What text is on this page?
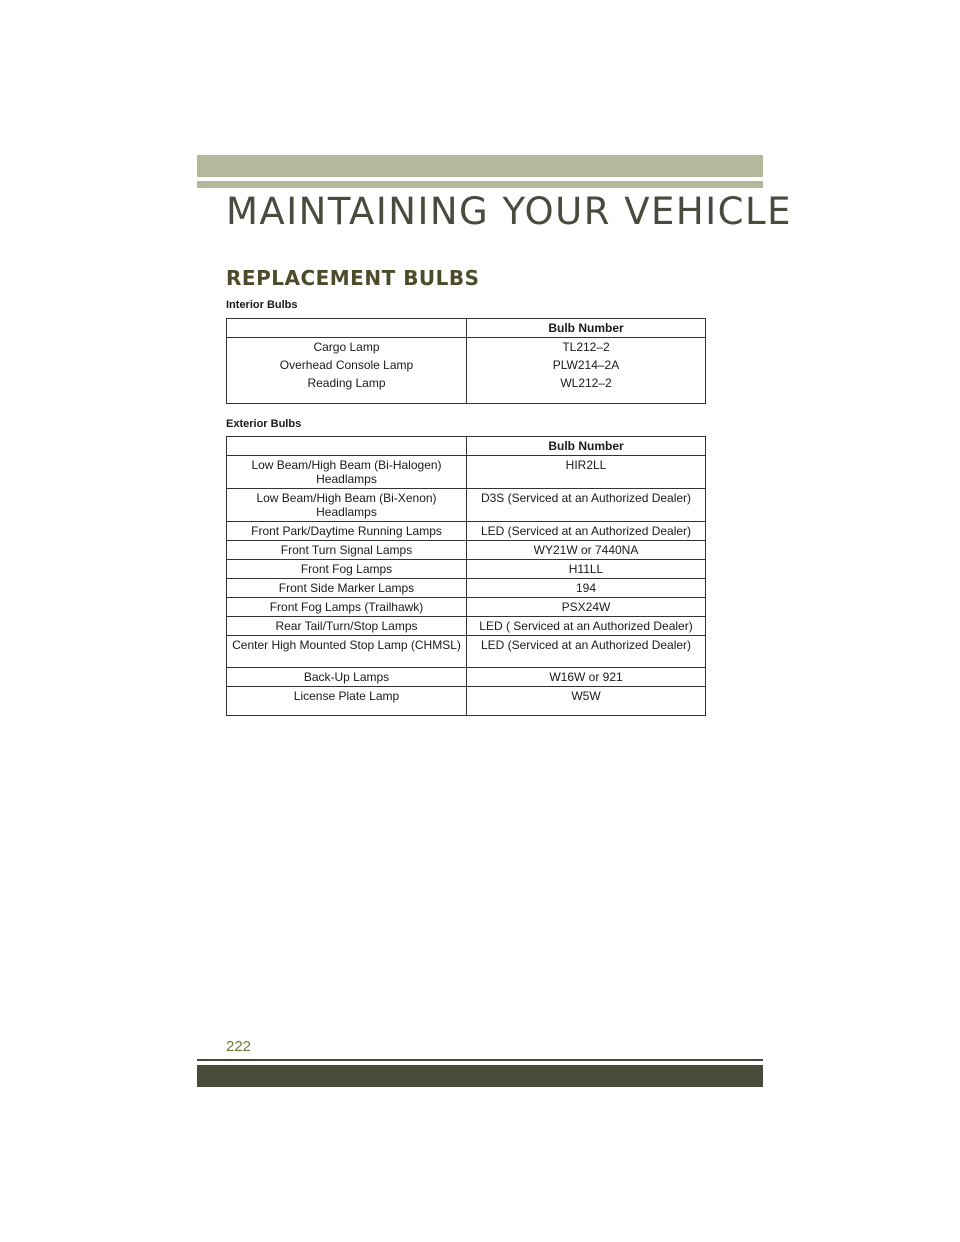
MAINTAINING YOUR VEHICLE
REPLACEMENT BULBS
Interior Bulbs
	Bulb Number
Cargo Lamp	TL212–2
Overhead Console Lamp	PLW214–2A
Reading Lamp	WL212–2
Exterior Bulbs
	Bulb Number
Low Beam/High Beam (Bi-Halogen) Headlamps	HIR2LL
Low Beam/High Beam (Bi-Xenon) Headlamps	D3S (Serviced at an Authorized Dealer)
Front Park/Daytime Running Lamps	LED (Serviced at an Authorized Dealer)
Front Turn Signal Lamps	WY21W or 7440NA
Front Fog Lamps	H11LL
Front Side Marker Lamps	194
Front Fog Lamps (Trailhawk)	PSX24W
Rear Tail/Turn/Stop Lamps	LED ( Serviced at an Authorized Dealer)
Center High Mounted Stop Lamp (CHMSL)	LED (Serviced at an Authorized Dealer)
Back-Up Lamps	W16W or 921
License Plate Lamp	W5W
222
